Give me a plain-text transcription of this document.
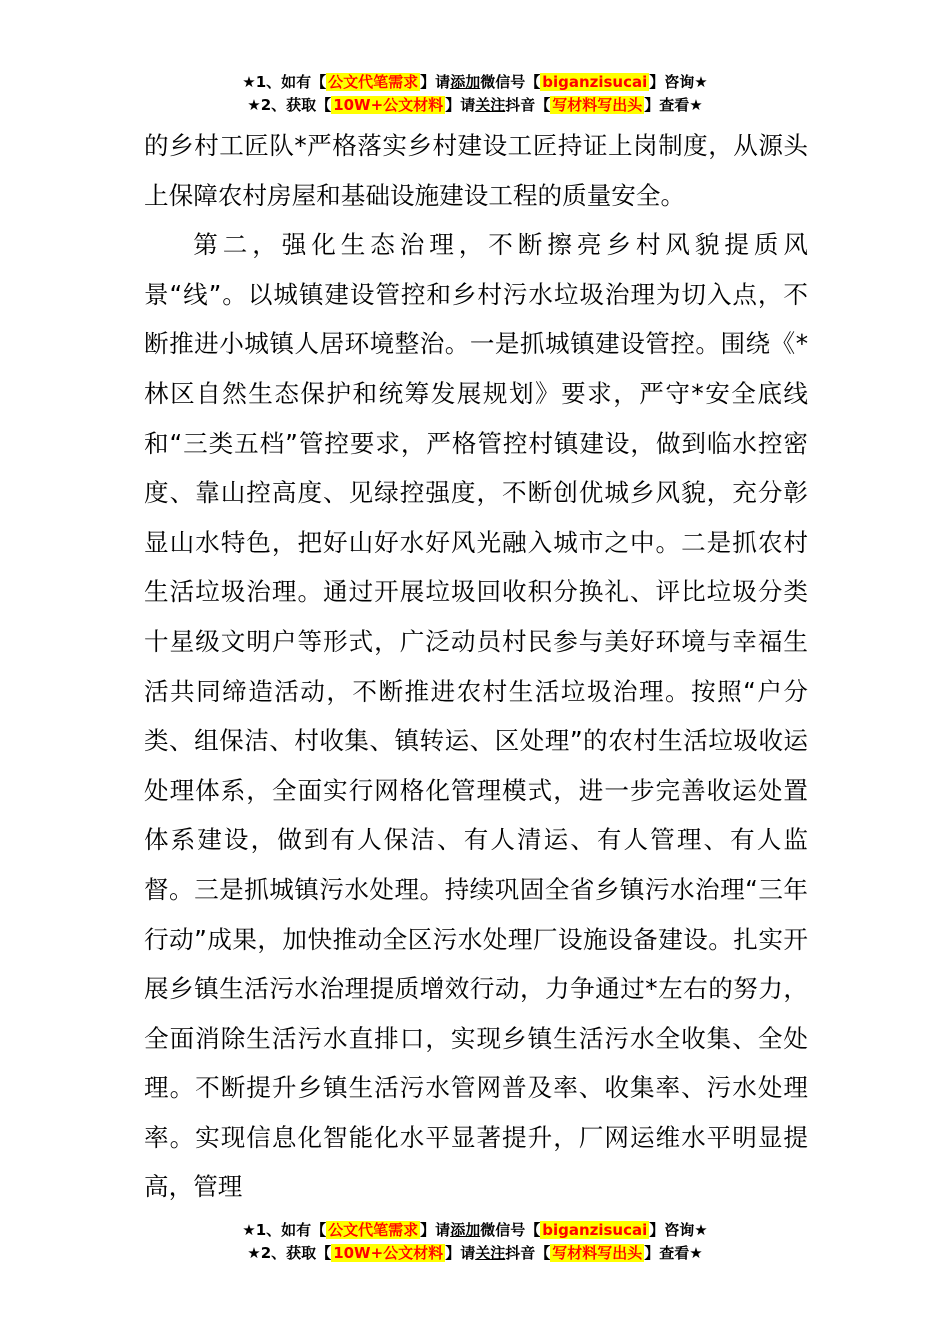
★1、如有【 公文代笔需求 】请添加微信号【 biganzisucai 】咨询★
★2、获取【 10W+公文材料 】请关注抖音【 写材料写出头 】查看★

的乡村工匠队*严格落实乡村建设工匠持证上岗制度，从源头上保障农村房屋和基础设施建设工程的质量安全。

第二，强化生态治理，不断擦亮乡村风貌提质风景“线”。以城镇建设管控和乡村污水垃圾治理为切入点，不断推进小城镇人居环境整治。一是抓城镇建设管控。围绕《*林区自然生态保护和统筹发展规划》要求，严守*安全底线和“三类五档”管控要求，严格管控村镇建设，做到临水控密度、靠山控高度、见绿控强度，不断创优城乡风貌，充分彰显山水特色，把好山好水好风光融入城市之中。二是抓农村生活垃圾治理。通过开展垃圾回收积分换礼、评比垃圾分类十星级文明户等形式，广泛动员村民参与美好环境与幸福生活共同缔造活动，不断推进农村生活垃圾治理。按照“户分类、组保洁、村收集、镇转运、区处理”的农村生活垃圾收运处理体系，全面实行网格化管理模式，进一步完善收运处置体系建设，做到有人保洁、有人清运、有人管理、有人监督。三是抓城镇污水处理。持续巩固全省乡镇污水治理“三年行动”成果，加快推动全区污水处理厂设施设备建设。扎实开展乡镇生活污水治理提质增效行动，力争通过*左右的努力，全面消除生活污水直排口，实现乡镇生活污水全收集、全处理。不断提升乡镇生活污水管网普及率、收集率、污水处理率。实现信息化智能化水平显著提升，厂网运维水平明显提高，管理

★1、如有【 公文代笔需求 】请添加微信号【 biganzisucai 】咨询★
★2、获取【 10W+公文材料 】请关注抖音【 写材料写出头 】查看★
